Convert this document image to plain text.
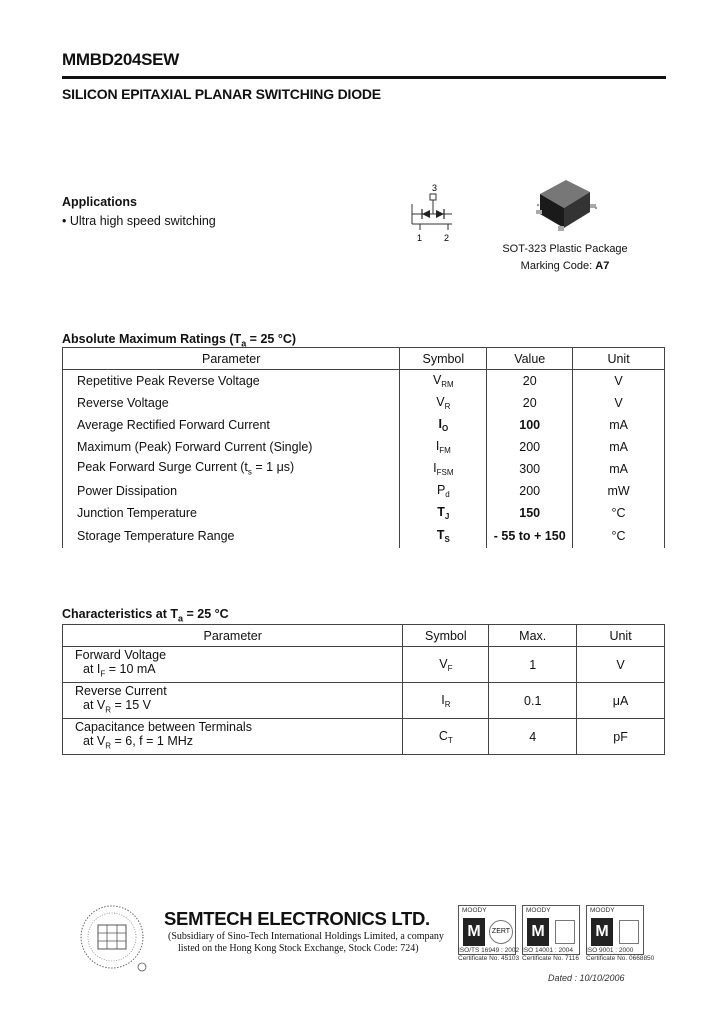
MMBD204SEW
SILICON EPITAXIAL PLANAR SWITCHING DIODE
Applications
• Ultra high speed switching
3
1 2
SOT-323 Plastic Package
Marking Code: A7
Absolute Maximum Ratings ($T_a = 25$ °C)
Parameter	Symbol	Value	Unit
Repetitive Peak Reverse Voltage	$V_{RM}$	20	V
Reverse Voltage	$V_R$	20	V
Average Rectified Forward Current	$I_O$	100	mA
Maximum (Peak) Forward Current (Single)	$I_{FM}$	200	mA
Peak Forward Surge Current ($t_s = 1$ μs)	$I_{FSM}$	300	mA
Power Dissipation	$P_d$	200	mW
Junction Temperature	$T_J$	150	°C
Storage Temperature Range	$T_S$	- 55 to + 150	°C
Characteristics at $T_a = 25$ °C
Parameter	Symbol	Max.	Unit

Forward Voltage
at $I_F = 10$ mA	$V_F$	1	V

Reverse Current
at $V_R = 15$ V	$I_R$	0.1	μA

Capacitance between Terminals
at $V_R = 6$, f = 1 MHz	$C_T$	4	pF
SEMTECH ELECTRONICS LTD.
(Subsidiary of Sino-Tech International Holdings Limited, a company
listed on the Hong Kong Stock Exchange, Stock Code: 724)
MOODY
M	ZERT
ISO/TS 16949 : 2002
Certificate No. 45103
MOODY
M
ISO 14001 : 2004
Certificate No. 7116
MOODY
M
ISO 9001 : 2000
Certificate No. 0668850
Dated : 10/10/2006
